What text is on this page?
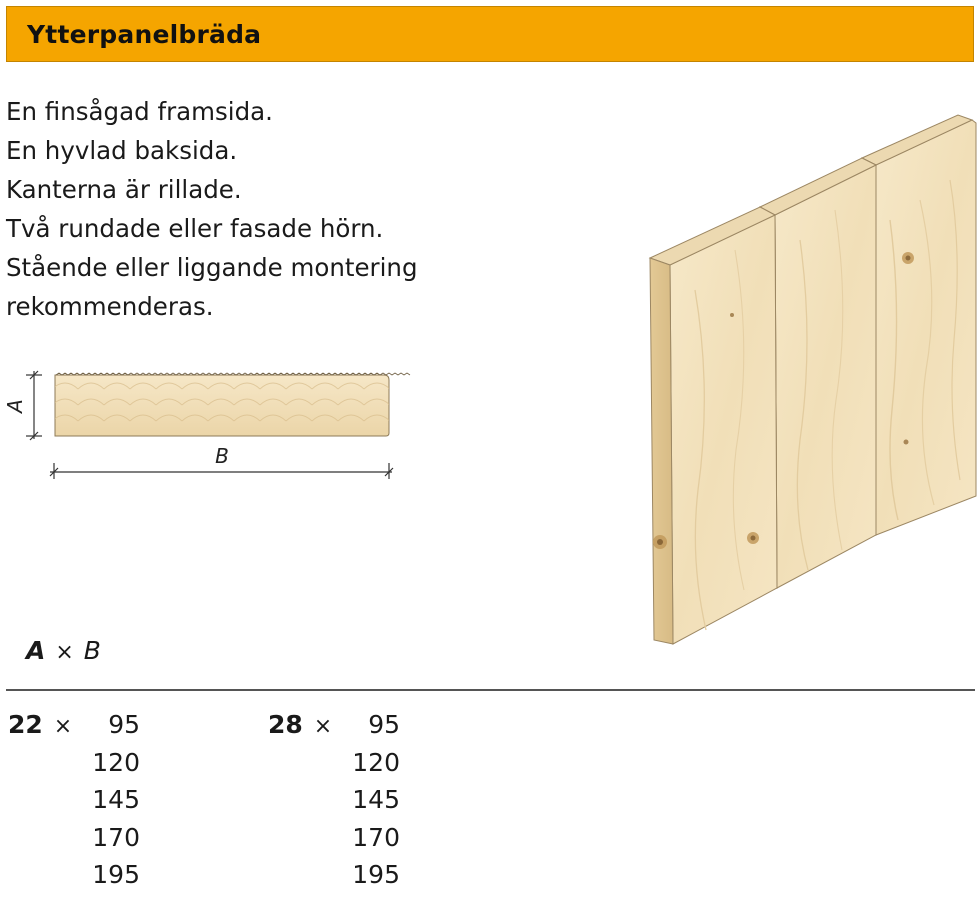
Ytterpanelbräda
En finsågad framsida.
En hyvlad baksida.
Kanterna är rillade.
Två rundade eller fasade hörn.
Stående eller liggande montering
rekommenderas.
A
B
A × B
22 ×	95
120
145
170
195
28 ×	95
120
145
170
195
